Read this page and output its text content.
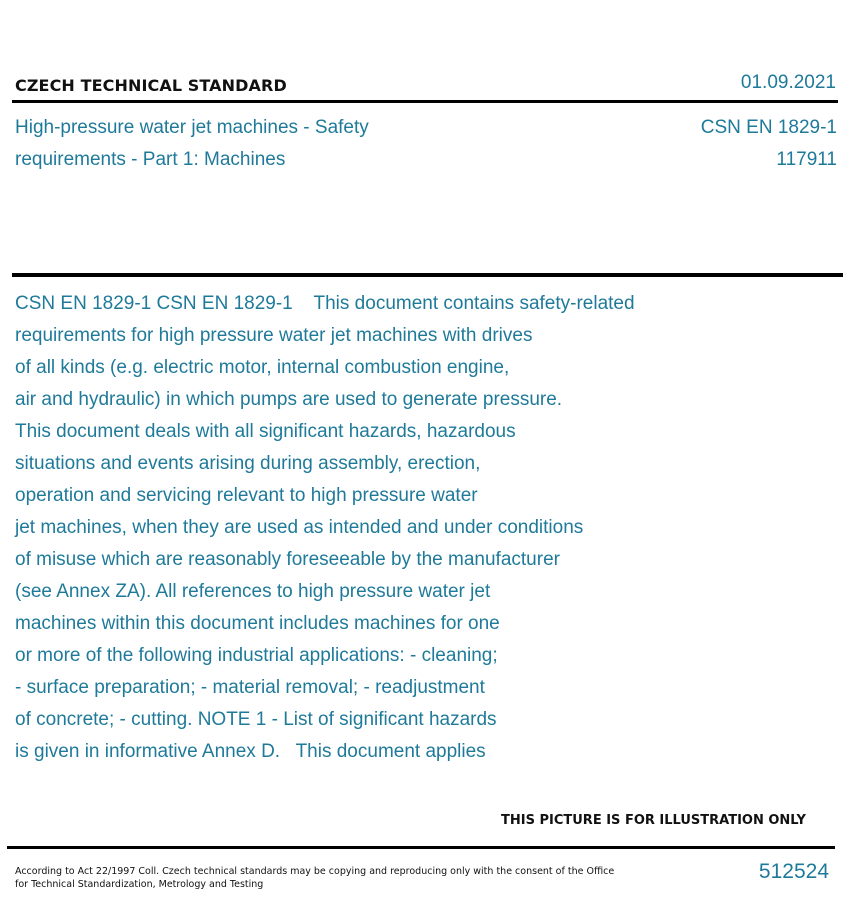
CZECH TECHNICAL STANDARD	01.09.2021
High-pressure water jet machines - Safety
requirements - Part 1: Machines
CSN EN 1829-1
117911
CSN EN 1829-1 CSN EN 1829-1    This document contains safety-related
requirements for high pressure water jet machines with drives
of all kinds (e.g. electric motor, internal combustion engine,
air and hydraulic) in which pumps are used to generate pressure.
This document deals with all significant hazards, hazardous
situations and events arising during assembly, erection,
operation and servicing relevant to high pressure water
jet machines, when they are used as intended and under conditions
of misuse which are reasonably foreseeable by the manufacturer
(see Annex ZA). All references to high pressure water jet
machines within this document includes machines for one
or more of the following industrial applications: - cleaning;
- surface preparation; - material removal; - readjustment
of concrete; - cutting. NOTE 1 - List of significant hazards
is given in informative Annex D.   This document applies
THIS PICTURE IS FOR ILLUSTRATION ONLY
According to Act 22/1997 Coll. Czech technical standards may be copying and reproducing only with the consent of the Office
for Technical Standardization, Metrology and Testing
512524
